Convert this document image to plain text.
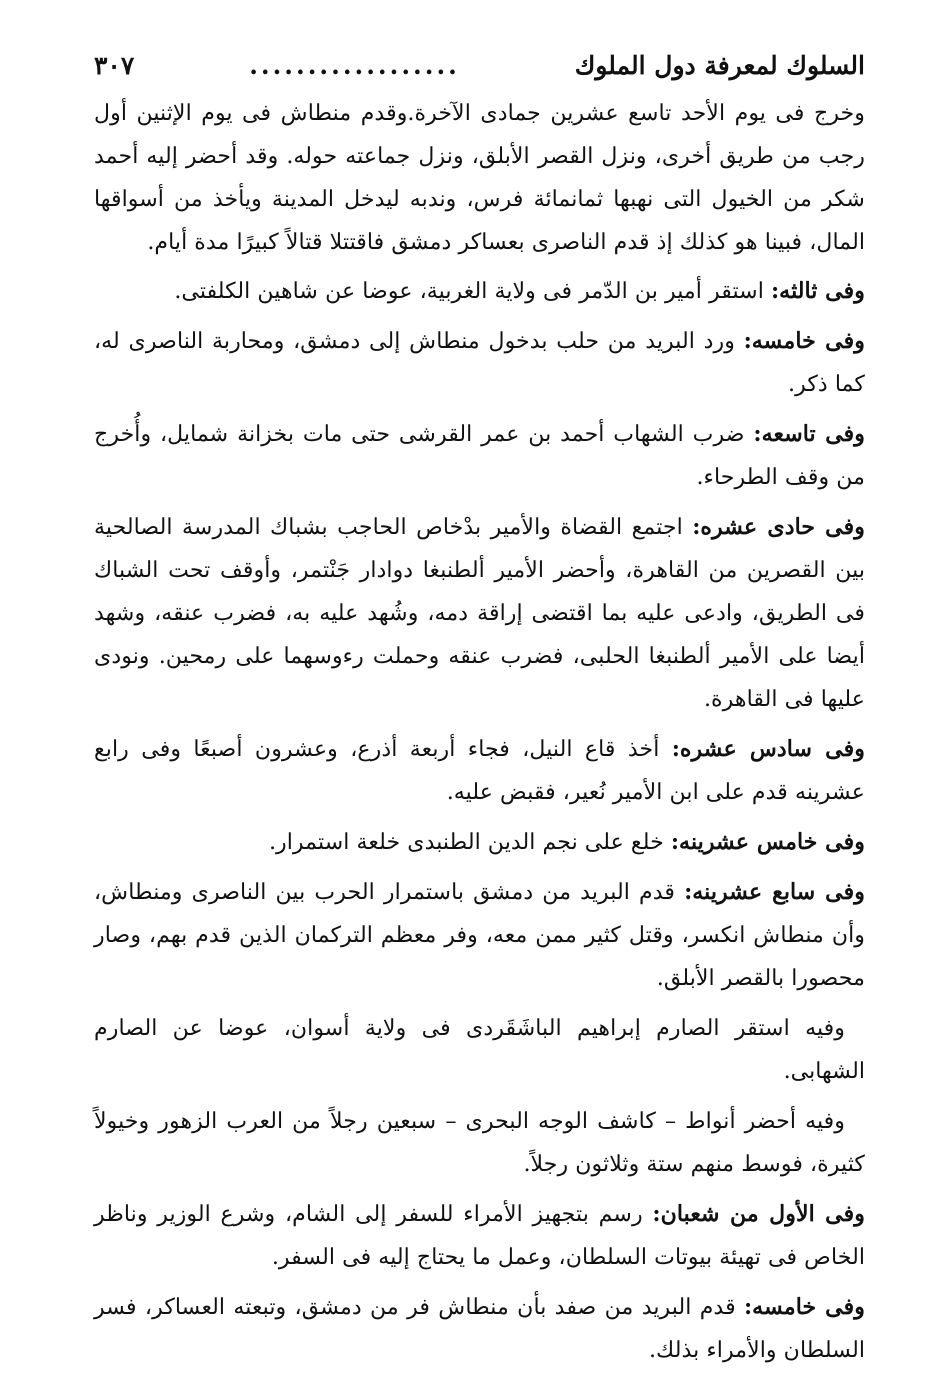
السلوك لمعرفة دول الملوك
..................
٣٠٧

وخرج فى يوم الأحد تاسع عشرين جمادى الآخرة.وقدم منطاش فى يوم الإثنين أول رجب من طريق أخرى، ونزل القصر الأبلق، ونزل جماعته حوله. وقد أحضر إليه أحمد شكر من الخيول التى نهبها ثمانمائة فرس، وندبه ليدخل المدينة ويأخذ من أسواقها المال، فبينا هو كذلك إذ قدم الناصرى بعساكر دمشق فاقتتلا قتالاً كبيرًا مدة أيام.

وفى ثالثه: استقر أمير بن الدّمر فى ولاية الغربية، عوضا عن شاهين الكلفتى.

وفى خامسه: ورد البريد من حلب بدخول منطاش إلى دمشق، ومحاربة الناصرى له، كما ذكر.

وفى تاسعه: ضرب الشهاب أحمد بن عمر القرشى حتى مات بخزانة شمايل، وأُخرج من وقف الطرحاء.

وفى حادى عشره: اجتمع القضاة والأمير بدْخاص الحاجب بشباك المدرسة الصالحية بين القصرين من القاهرة، وأحضر الأمير ألطنبغا دوادار جَنْتمر، وأوقف تحت الشباك فى الطريق، وادعى عليه بما اقتضى إراقة دمه، وشُهد عليه به، فضرب عنقه، وشهد أيضا على الأمير ألطنبغا الحلبى، فضرب عنقه وحملت رءوسهما على رمحين. ونودى عليها فى القاهرة.

وفى سادس عشره: أخذ قاع النيل، فجاء أربعة أذرع، وعشرون أصبعًا وفى رابع عشرينه قدم على ابن الأمير نُعير، فقبض عليه.

وفى خامس عشرينه: خلع على نجم الدين الطنبدى خلعة استمرار.

وفى سابع عشرينه: قدم البريد من دمشق باستمرار الحرب بين الناصرى ومنطاش، وأن منطاش انكسر، وقتل كثير ممن معه، وفر معظم التركمان الذين قدم بهم، وصار محصورا بالقصر الأبلق.

وفيه استقر الصارم إبراهيم الباشَقَردى فى ولاية أسوان، عوضا عن الصارم الشهابى.

وفيه أحضر أنواط – كاشف الوجه البحرى – سبعين رجلاً من العرب الزهور وخيولاً كثيرة، فوسط منهم ستة وثلاثون رجلاً.

وفى الأول من شعبان: رسم بتجهيز الأمراء للسفر إلى الشام، وشرع الوزير وناظر الخاص فى تهيئة بيوتات السلطان، وعمل ما يحتاج إليه فى السفر.

وفى خامسه: قدم البريد من صفد بأن منطاش فر من دمشق، وتبعته العساكر، فسر السلطان والأمراء بذلك.
